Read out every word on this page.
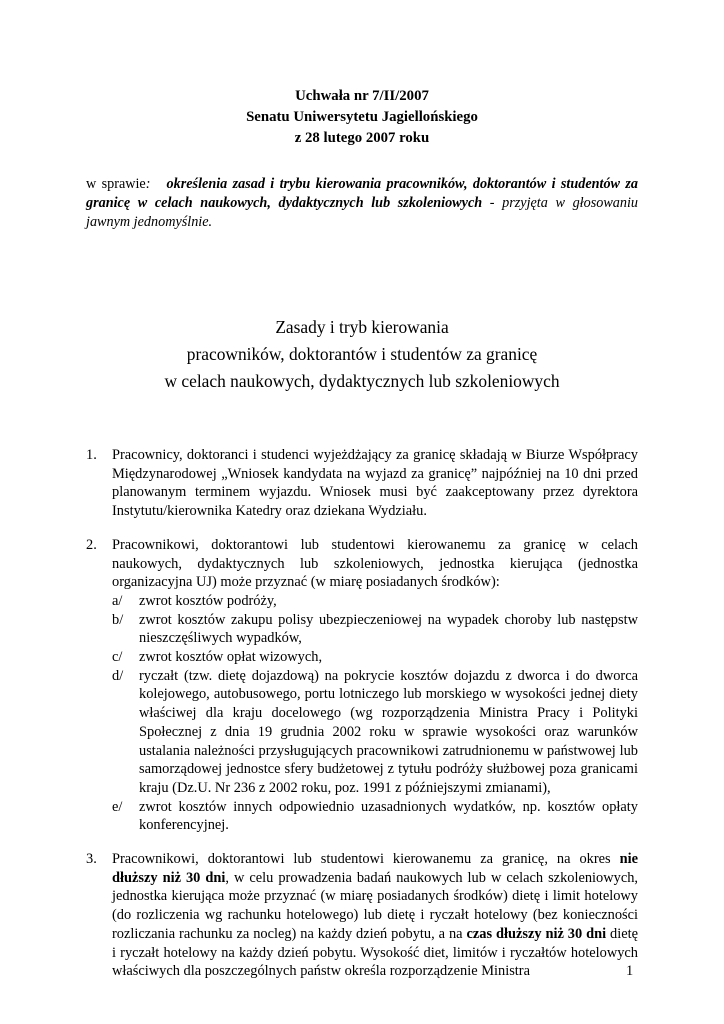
Uchwała nr 7/II/2007
Senatu Uniwersytetu Jagiellońskiego
z 28 lutego 2007 roku
w sprawie: określenia zasad i trybu kierowania pracowników, doktorantów i studentów za granicę w celach naukowych, dydaktycznych lub szkoleniowych - przyjęta w głosowaniu jawnym jednomyślnie.
Zasady i tryb kierowania
pracowników, doktorantów i studentów za granicę
w celach naukowych, dydaktycznych lub szkoleniowych
1. Pracownicy, doktoranci i studenci wyjeżdżający za granicę składają w Biurze Współpracy Międzynarodowej „Wniosek kandydata na wyjazd za granicę” najpóźniej na 10 dni przed planowanym terminem wyjazdu. Wniosek musi być zaakceptowany przez dyrektora Instytutu/kierownika Katedry oraz dziekana Wydziału.
2. Pracownikowi, doktorantowi lub studentowi kierowanemu za granicę w celach naukowych, dydaktycznych lub szkoleniowych, jednostka kierująca (jednostka organizacyjna UJ) może przyznać (w miarę posiadanych środków):
a/ zwrot kosztów podróży,
b/ zwrot kosztów zakupu polisy ubezpieczeniowej na wypadek choroby lub następstw nieszczęśliwych wypadków,
c/ zwrot kosztów opłat wizowych,
d/ ryczałt (tzw. dietę dojazdową) na pokrycie kosztów dojazdu z dworca i do dworca kolejowego, autobusowego, portu lotniczego lub morskiego w wysokości jednej diety właściwej dla kraju docelowego (wg rozporządzenia Ministra Pracy i Polityki Społecznej z dnia 19 grudnia 2002 roku w sprawie wysokości oraz warunków ustalania należności przysługujących pracownikowi zatrudnionemu w państwowej lub samorządowej jednostce sfery budżetowej z tytułu podróży służbowej poza granicami kraju (Dz.U. Nr 236 z 2002 roku, poz. 1991 z późniejszymi zmianami),
e/ zwrot kosztów innych odpowiednio uzasadnionych wydatków, np. kosztów opłaty konferencyjnej.
3. Pracownikowi, doktorantowi lub studentowi kierowanemu za granicę, na okres nie dłuższy niż 30 dni, w celu prowadzenia badań naukowych lub w celach szkoleniowych, jednostka kierująca może przyznać (w miarę posiadanych środków) dietę i limit hotelowy (do rozliczenia wg rachunku hotelowego) lub dietę i ryczałt hotelowy (bez konieczności rozliczania rachunku za nocleg) na każdy dzień pobytu, a na czas dłuższy niż 30 dni dietę i ryczałt hotelowy na każdy dzień pobytu. Wysokość diet, limitów i ryczałtów hotelowych właściwych dla poszczególnych państw określa rozporządzenie Ministra	1
